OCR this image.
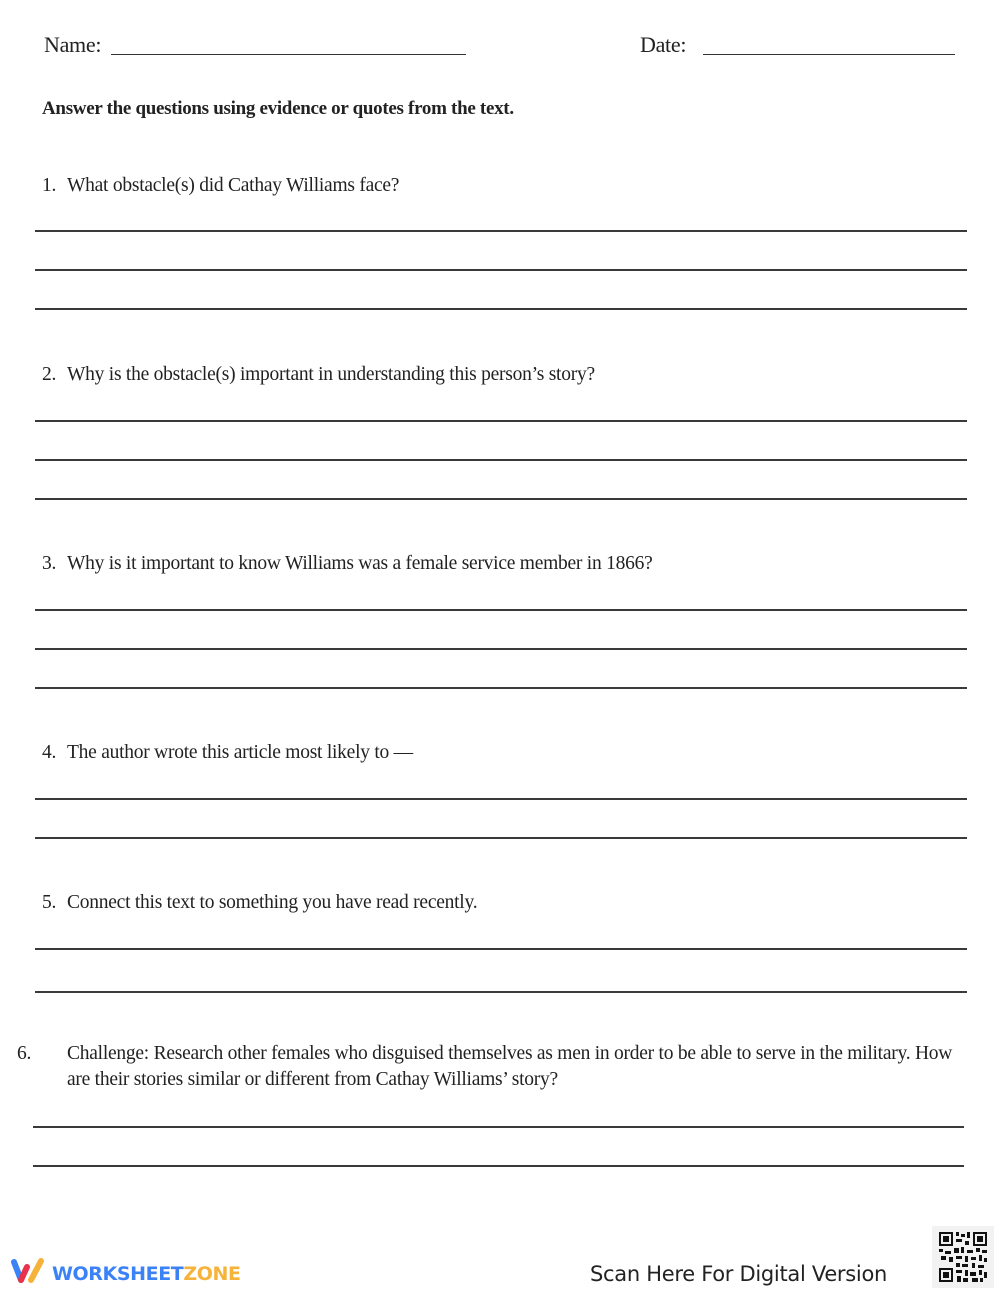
Name:	Date:
Answer the questions using evidence or quotes from the text.
1. What obstacle(s) did Cathay Williams face?
2. Why is the obstacle(s) important in understanding this person’s story?
3. Why is it important to know Williams was a female service member in 1866?
4. The author wrote this article most likely to —
5. Connect this text to something you have read recently.
6. Challenge: Research other females who disguised themselves as men in order to be able to serve in the military. How are their stories similar or different from Cathay Williams’ story?
WORKSHEETZONE	Scan Here For Digital Version
